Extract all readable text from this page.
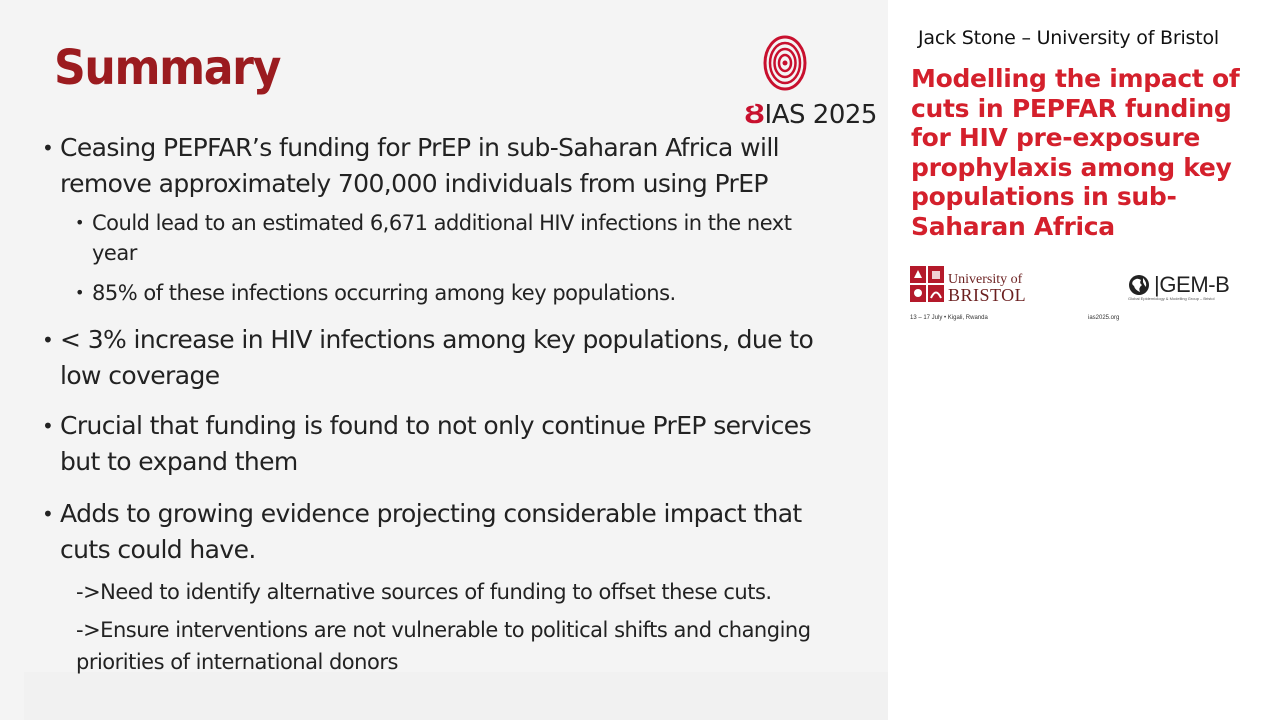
Summary
ȢIAS 2025
• Ceasing PEPFAR’s funding for PrEP in sub-Saharan Africa will remove approximately 700,000 individuals from using PrEP
• Could lead to an estimated 6,671 additional HIV infections in the next year
• 85% of these infections occurring among key populations.
• < 3% increase in HIV infections among key populations, due to low coverage
• Crucial that funding is found to not only continue PrEP services but to expand them
• Adds to growing evidence projecting considerable impact that cuts could have.
->Need to identify alternative sources of funding to offset these cuts.
->Ensure interventions are not vulnerable to political shifts and changing priorities of international donors
Jack Stone – University of Bristol
Modelling the impact of cuts in PEPFAR funding for HIV pre-exposure prophylaxis among key populations in sub-Saharan Africa
University of
BRISTOL	|GEM-B
Global Epidemiology & Modelling Group – Bristol
13 – 17 July • Kigali, Rwanda	ias2025.org
